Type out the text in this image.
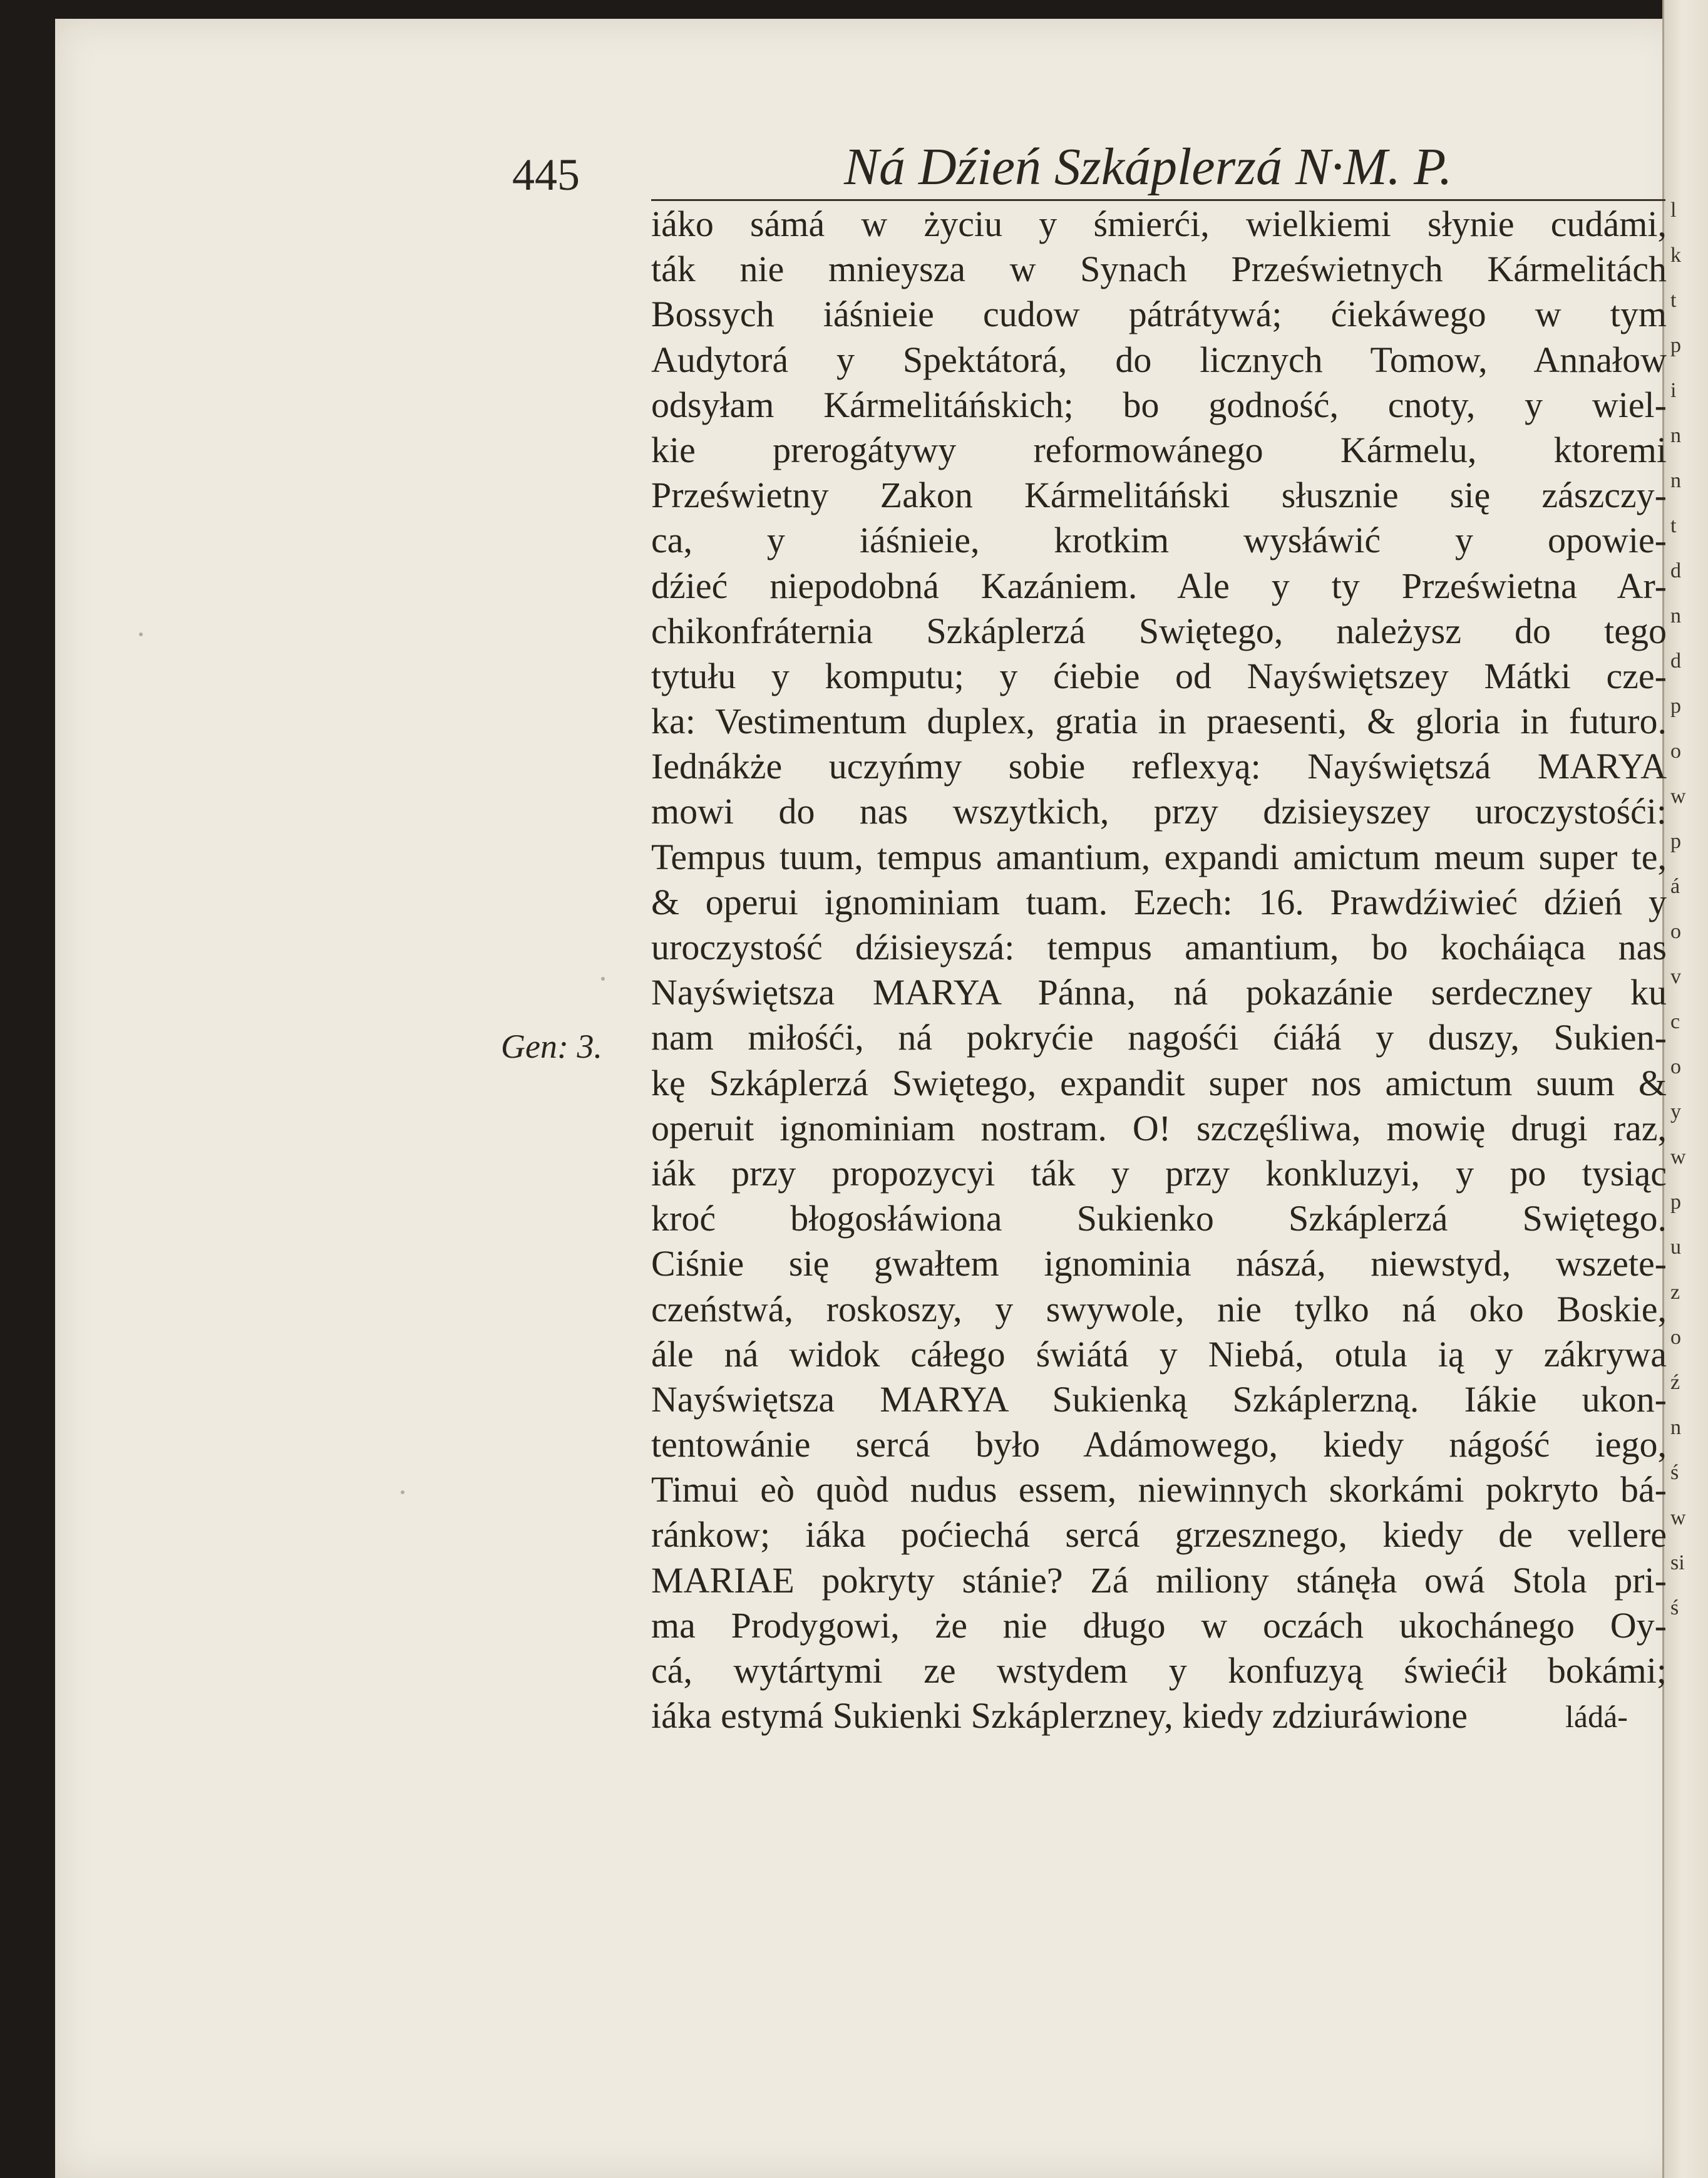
l
k
t
p
i
n
n
t
d
n
d
p
o
w
p
á
o
v
c
o
y
w
p
u
z
o
ź
n
ś
w
si
ś
445	Ná Dźień Szkáplerzá N·M. P.
Gen: 3.
iáko sámá w życiu y śmierći, wielkiemi słynie cudámi,
ták nie mnieysza w Synach Prześwietnych Kármelitách
Bossych iáśnieie cudow pátrátywá; ćiekáwego w tym
Audytorá y Spektátorá, do licznych Tomow, Annałow
odsyłam Kármelitáńskich; bo godność, cnoty, y wiel-
kie prerogátywy reformowánego Kármelu, ktoremi
Prześwietny Zakon Kármelitáński słusznie się zászczy-
ca, y iáśnieie, krotkim wysłáwić y opowie-
dźieć niepodobná Kazániem. Ale y ty Prześwietna Ar-
chikonfráternia Szkáplerzá Swiętego, należysz do tego
tytułu y komputu; y ćiebie od Nayświętszey Mátki cze-
ka: Vestimentum duplex, gratia in praesenti, & gloria in futuro.
Iednákże uczyńmy sobie reflexyą: Nayświętszá MARYA
mowi do nas wszytkich, przy dzisieyszey uroczystośći:
Tempus tuum, tempus amantium, expandi amictum meum super te,
& operui ignominiam tuam. Ezech: 16. Prawdźiwieć dźień y
uroczystość dźisieyszá: tempus amantium, bo kocháiąca nas
Nayświętsza MARYA Pánna, ná pokazánie serdeczney ku
nam miłośći, ná pokryćie nagośći ćiáłá y duszy, Sukien-
kę Szkáplerzá Swiętego, expandit super nos amictum suum &
operuit ignominiam nostram. O! szczęśliwa, mowię drugi raz,
iák przy propozycyi ták y przy konkluzyi, y po tysiąc
kroć błogosłáwiona Sukienko Szkáplerzá Swiętego.
Ciśnie się gwałtem ignominia nászá, niewstyd, wszete-
czeństwá, roskoszy, y swywole, nie tylko ná oko Boskie,
ále ná widok cáłego świátá y Niebá, otula ią y zákrywa
Nayświętsza MARYA Sukienką Szkáplerzną. Iákie ukon-
tentowánie sercá było Adámowego, kiedy nágość iego,
Timui eò quòd nudus essem, niewinnych skorkámi pokryto bá-
ránkow; iáka poćiechá sercá grzesznego, kiedy de vellere
MARIAE pokryty stánie? Zá miliony stánęła owá Stola pri-
ma Prodygowi, że nie długo w oczách ukochánego Oy-
cá, wytártymi ze wstydem y konfuzyą świećił bokámi;
iáka estymá Sukienki Szkáplerzney, kiedy zdziuráwione	ládá-
